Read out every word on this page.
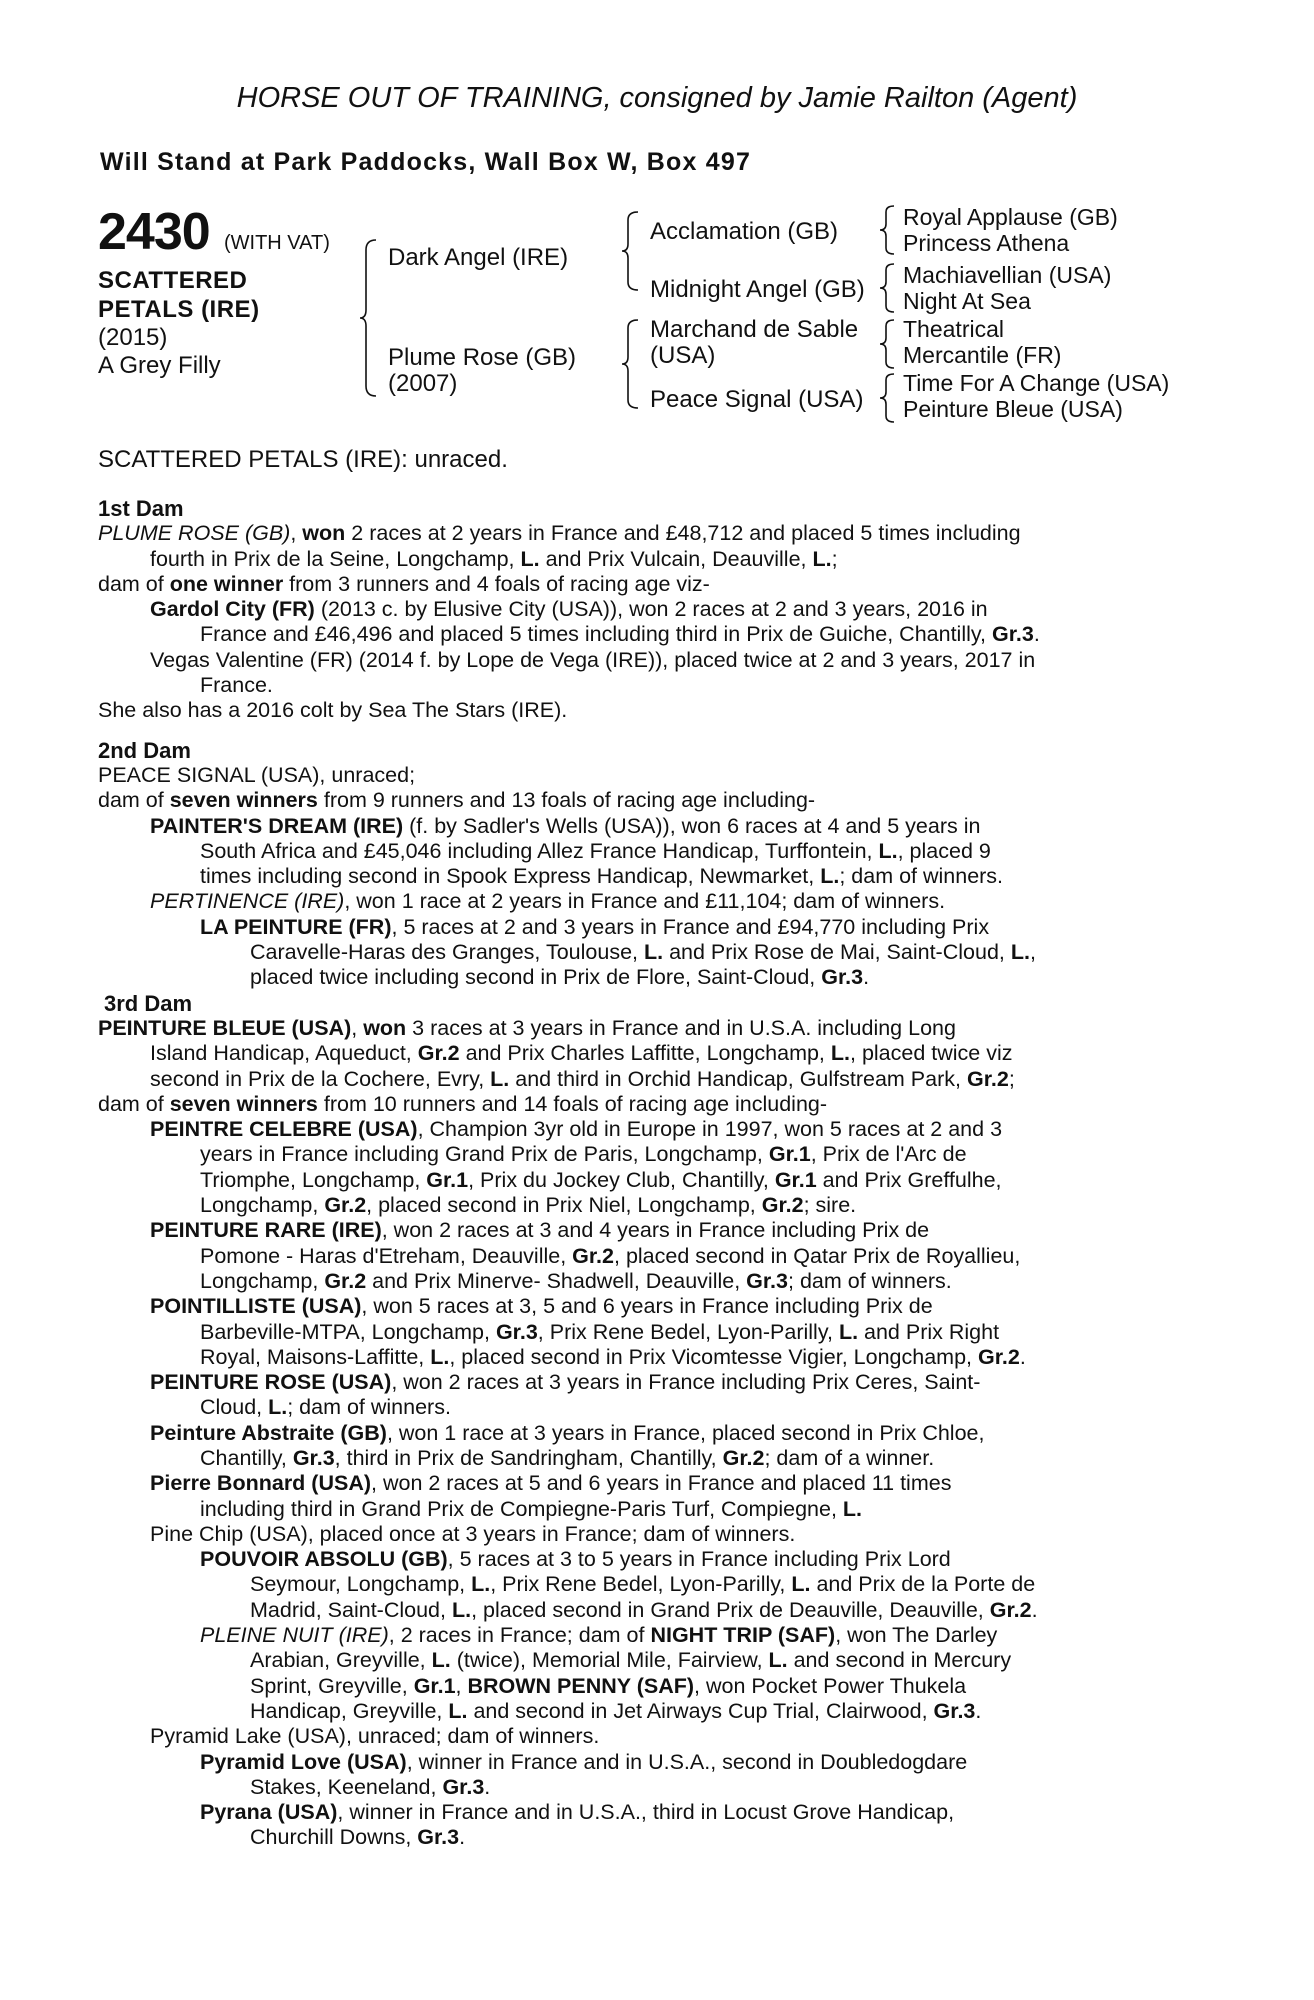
HORSE OUT OF TRAINING, consigned by Jamie Railton (Agent)
Will Stand at Park Paddocks, Wall Box W, Box 497
2430 (WITH VAT)
SCATTERED PETALS (IRE)
(2015)
A Grey Filly
Dark Angel (IRE)
Plume Rose (GB)
(2007)
Acclamation (GB)
Midnight Angel (GB)
Marchand de Sable
(USA)
Peace Signal (USA)
Royal Applause (GB)
Princess Athena
Machiavellian (USA)
Night At Sea
Theatrical
Mercantile (FR)
Time For A Change (USA)
Peinture Bleue (USA)
SCATTERED PETALS (IRE): unraced.
1st Dam
PLUME ROSE (GB) , won 2 races at 2 years in France and £48,712 and placed 5 times including
fourth in Prix de la Seine, Longchamp, L. and Prix Vulcain, Deauville, L. ;
dam of one winner from 3 runners and 4 foals of racing age viz-
Gardol City (FR) (2013 c. by Elusive City (USA)), won 2 races at 2 and 3 years, 2016 in
France and £46,496 and placed 5 times including third in Prix de Guiche, Chantilly, Gr.3 .
Vegas Valentine (FR) (2014 f. by Lope de Vega (IRE)), placed twice at 2 and 3 years, 2017 in
France.
She also has a 2016 colt by Sea The Stars (IRE).
2nd Dam
PEACE SIGNAL (USA), unraced;
dam of seven winners from 9 runners and 13 foals of racing age including-
PAINTER'S DREAM (IRE) (f. by Sadler's Wells (USA)), won 6 races at 4 and 5 years in
South Africa and £45,046 including Allez France Handicap, Turffontein, L. , placed 9
times including second in Spook Express Handicap, Newmarket, L. ; dam of winners.
PERTINENCE (IRE) , won 1 race at 2 years in France and £11,104; dam of winners.
LA PEINTURE (FR) , 5 races at 2 and 3 years in France and £94,770 including Prix
Caravelle-Haras des Granges, Toulouse, L. and Prix Rose de Mai, Saint-Cloud, L. ,
placed twice including second in Prix de Flore, Saint-Cloud, Gr.3 .
3rd Dam
PEINTURE BLEUE (USA) , won 3 races at 3 years in France and in U.S.A. including Long
Island Handicap, Aqueduct, Gr.2 and Prix Charles Laffitte, Longchamp, L. , placed twice viz
second in Prix de la Cochere, Evry, L. and third in Orchid Handicap, Gulfstream Park, Gr.2 ;
dam of seven winners from 10 runners and 14 foals of racing age including-
PEINTRE CELEBRE (USA) , Champion 3yr old in Europe in 1997, won 5 races at 2 and 3
years in France including Grand Prix de Paris, Longchamp, Gr.1 , Prix de l'Arc de
Triomphe, Longchamp, Gr.1 , Prix du Jockey Club, Chantilly, Gr.1 and Prix Greffulhe,
Longchamp, Gr.2 , placed second in Prix Niel, Longchamp, Gr.2 ; sire.
PEINTURE RARE (IRE) , won 2 races at 3 and 4 years in France including Prix de
Pomone - Haras d'Etreham, Deauville, Gr.2 , placed second in Qatar Prix de Royallieu,
Longchamp, Gr.2 and Prix Minerve- Shadwell, Deauville, Gr.3 ; dam of winners.
POINTILLISTE (USA) , won 5 races at 3, 5 and 6 years in France including Prix de
Barbeville-MTPA, Longchamp, Gr.3 , Prix Rene Bedel, Lyon-Parilly, L. and Prix Right
Royal, Maisons-Laffitte, L. , placed second in Prix Vicomtesse Vigier, Longchamp, Gr.2 .
PEINTURE ROSE (USA) , won 2 races at 3 years in France including Prix Ceres, Saint-
Cloud, L. ; dam of winners.
Peinture Abstraite (GB) , won 1 race at 3 years in France, placed second in Prix Chloe,
Chantilly, Gr.3 , third in Prix de Sandringham, Chantilly, Gr.2 ; dam of a winner.
Pierre Bonnard (USA) , won 2 races at 5 and 6 years in France and placed 11 times
including third in Grand Prix de Compiegne-Paris Turf, Compiegne, L.
Pine Chip (USA), placed once at 3 years in France; dam of winners.
POUVOIR ABSOLU (GB) , 5 races at 3 to 5 years in France including Prix Lord
Seymour, Longchamp, L. , Prix Rene Bedel, Lyon-Parilly, L. and Prix de la Porte de
Madrid, Saint-Cloud, L. , placed second in Grand Prix de Deauville, Deauville, Gr.2 .
PLEINE NUIT (IRE) , 2 races in France; dam of NIGHT TRIP (SAF) , won The Darley
Arabian, Greyville, L. (twice), Memorial Mile, Fairview, L. and second in Mercury
Sprint, Greyville, Gr.1 , BROWN PENNY (SAF) , won Pocket Power Thukela
Handicap, Greyville, L. and second in Jet Airways Cup Trial, Clairwood, Gr.3 .
Pyramid Lake (USA), unraced; dam of winners.
Pyramid Love (USA) , winner in France and in U.S.A., second in Doubledogdare
Stakes, Keeneland, Gr.3 .
Pyrana (USA) , winner in France and in U.S.A., third in Locust Grove Handicap,
Churchill Downs, Gr.3 .
